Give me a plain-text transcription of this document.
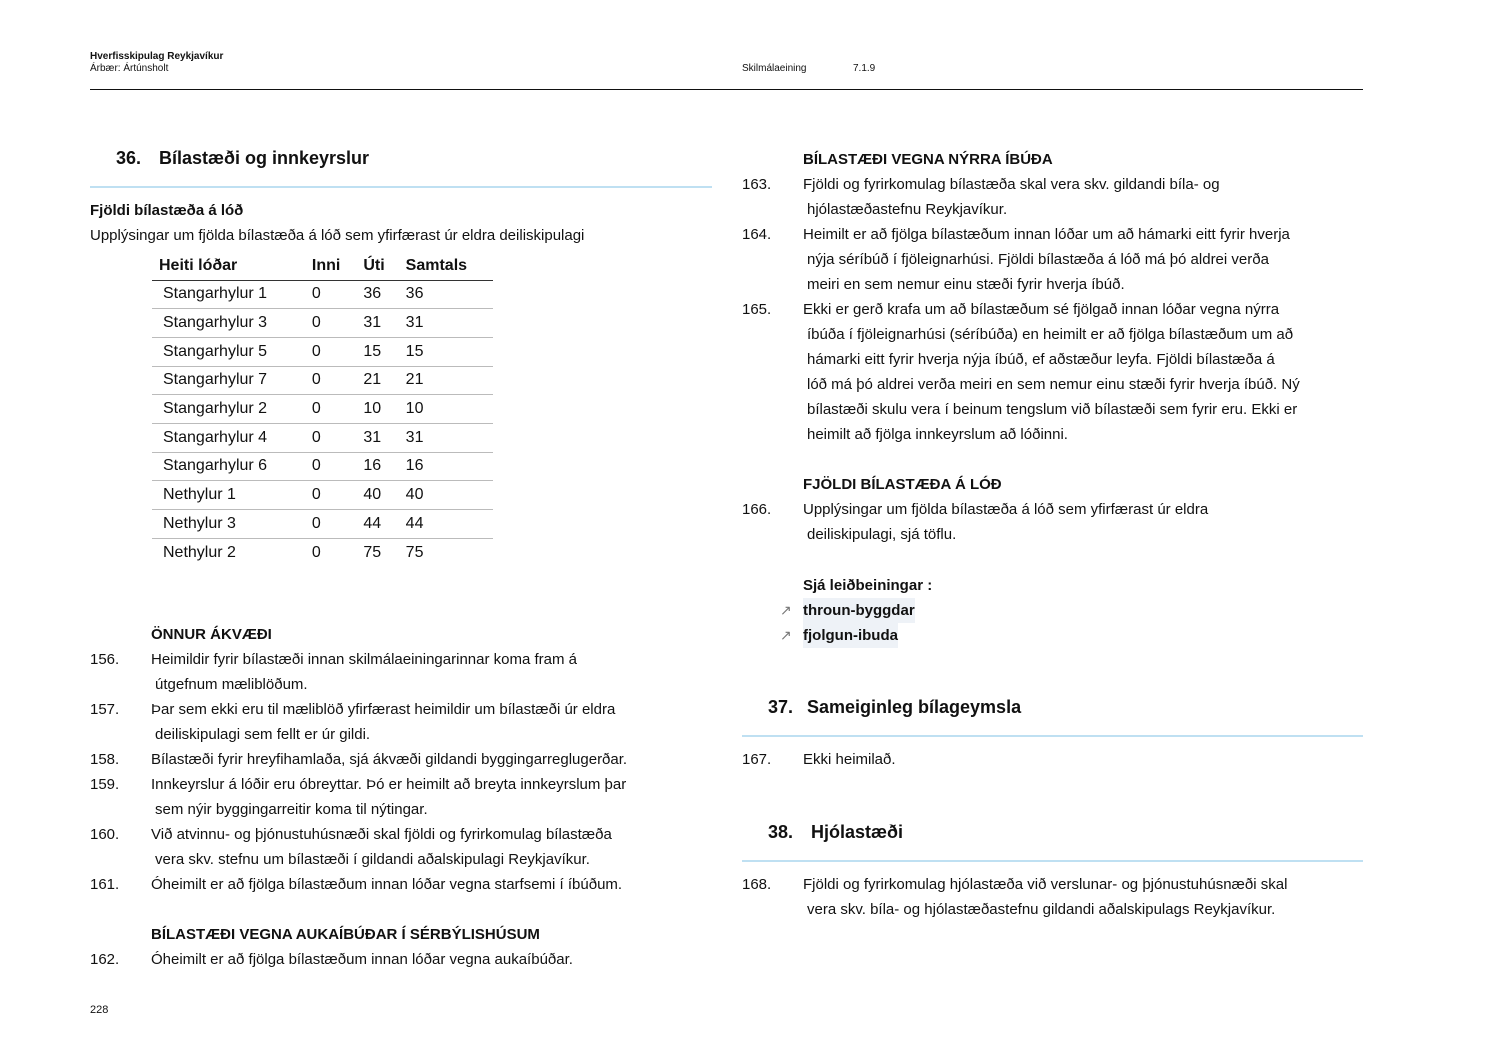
Hverfisskipulag Reykjavíkur
Árbær: Ártúnsholt	Skilmálaeining	7.1.9
36. Bílastæði og innkeyrslur
Fjöldi bílastæða á lóð
Upplýsingar um fjölda bílastæða á lóð sem yfirfærast úr eldra deiliskipulagi
Heiti lóðar	Inni	Úti	Samtals
Stangarhylur 1	0	36	36
Stangarhylur 3	0	31	31
Stangarhylur 5	0	15	15
Stangarhylur 7	0	21	21
Stangarhylur 2	0	10	10
Stangarhylur 4	0	31	31
Stangarhylur 6	0	16	16
Nethylur 1	0	40	40
Nethylur 3	0	44	44
Nethylur 2	0	75	75
ÖNNUR ÁKVÆÐI
156. Heimildir fyrir bílastæði innan skilmálaeiningarinnar koma fram á
útgefnum mæliblöðum.
157. Þar sem ekki eru til mæliblöð yfirfærast heimildir um bílastæði úr eldra
deiliskipulagi sem fellt er úr gildi.
158. Bílastæði fyrir hreyfihamlaða, sjá ákvæði gildandi byggingarreglugerðar.
159. Innkeyrslur á lóðir eru óbreyttar. Þó er heimilt að breyta innkeyrslum þar
sem nýir byggingarreitir koma til nýtingar.
160. Við atvinnu- og þjónustuhúsnæði skal fjöldi og fyrirkomulag bílastæða
vera skv. stefnu um bílastæði í gildandi aðalskipulagi Reykjavíkur.
161. Óheimilt er að fjölga bílastæðum innan lóðar vegna starfsemi í íbúðum.
BÍLASTÆÐI VEGNA AUKAÍBÚÐAR Í SÉRBÝLISHÚSUM
162. Óheimilt er að fjölga bílastæðum innan lóðar vegna aukaíbúðar.
BÍLASTÆÐI VEGNA NÝRRA ÍBÚÐA
163. Fjöldi og fyrirkomulag bílastæða skal vera skv. gildandi bíla- og
hjólastæðastefnu Reykjavíkur.
164. Heimilt er að fjölga bílastæðum innan lóðar um að hámarki eitt fyrir hverja
nýja séríbúð í fjöleignarhúsi. Fjöldi bílastæða á lóð má þó aldrei verða
meiri en sem nemur einu stæði fyrir hverja íbúð.
165. Ekki er gerð krafa um að bílastæðum sé fjölgað innan lóðar vegna nýrra
íbúða í fjöleignarhúsi (séríbúða) en heimilt er að fjölga bílastæðum um að
hámarki eitt fyrir hverja nýja íbúð, ef aðstæður leyfa. Fjöldi bílastæða á
lóð má þó aldrei verða meiri en sem nemur einu stæði fyrir hverja íbúð. Ný
bílastæði skulu vera í beinum tengslum við bílastæði sem fyrir eru. Ekki er
heimilt að fjölga innkeyrslum að lóðinni.
FJÖLDI BÍLASTÆÐA Á LÓÐ
166. Upplýsingar um fjölda bílastæða á lóð sem yfirfærast úr eldra
deiliskipulagi, sjá töflu.
Sjá leiðbeiningar :
↗ throun-byggdar
↗ fjolgun-ibuda
37. Sameiginleg bílageymsla
167. Ekki heimilað.
38. Hjólastæði
168. Fjöldi og fyrirkomulag hjólastæða við verslunar- og þjónustuhúsnæði skal
vera skv. bíla- og hjólastæðastefnu gildandi aðalskipulags Reykjavíkur.
228
